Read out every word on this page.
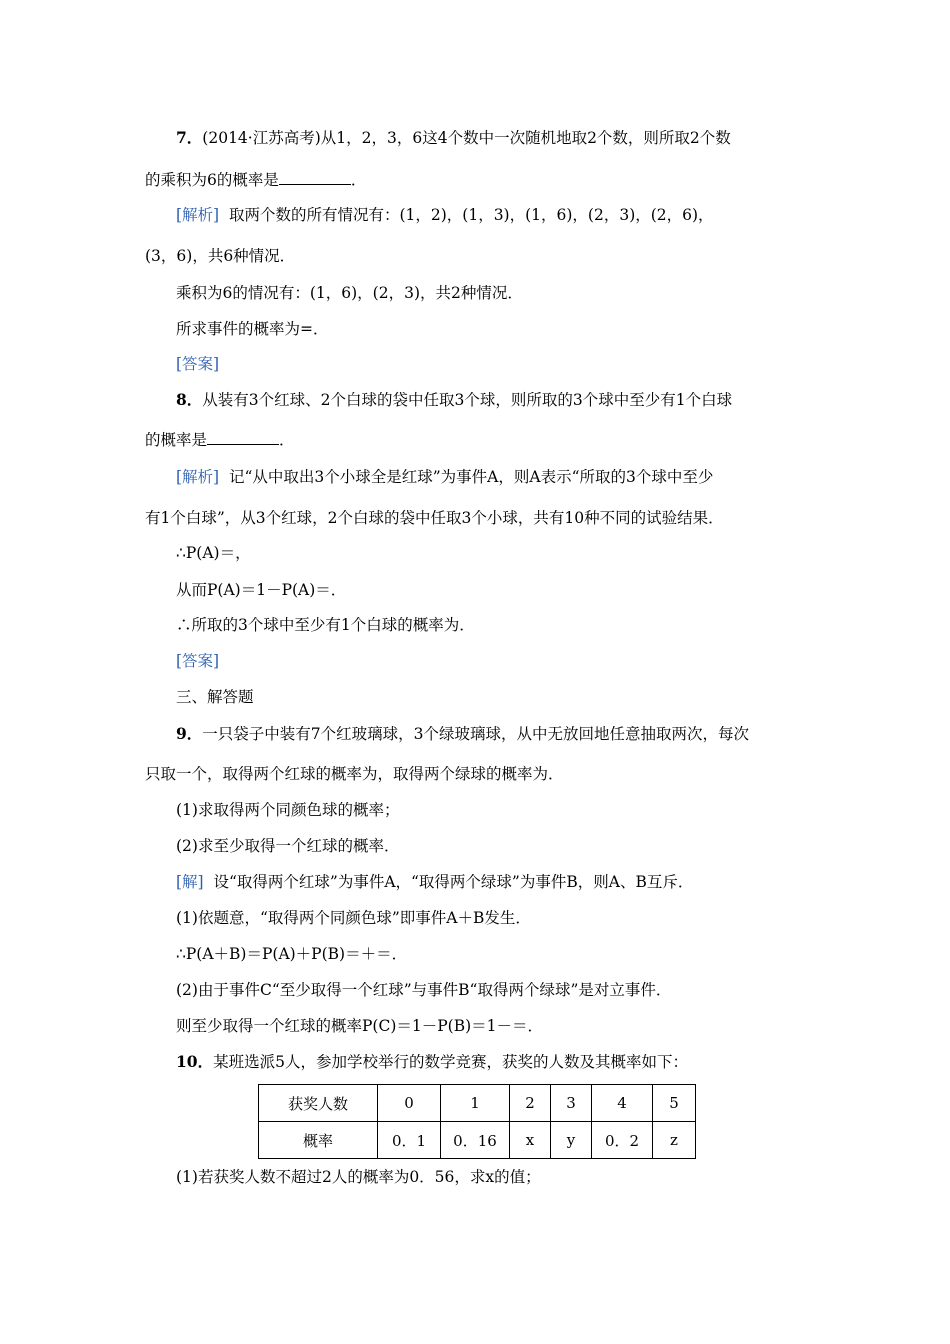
7．(2014·江苏高考)从1，2，3，6这4个数中一次随机地取2个数，则所取2个数
的乘积为6的概率是	．
[解析] 取两个数的所有情况有：(1，2)，(1，3)，(1，6)，(2，3)，(2，6)，
(3，6)，共6种情况．
乘积为6的情况有：(1，6)，(2，3)，共2种情况．
所求事件的概率为=．
[答案]
8．从装有3个红球、2个白球的袋中任取3个球，则所取的3个球中至少有1个白球
的概率是	．
[解析] 记“从中取出3个小球全是红球”为事件A，则A表示“所取的3个球中至少
有1个白球”，从3个红球，2个白球的袋中任取3个小球，共有10种不同的试验结果．
∴P(A)＝，
从而P(A)＝1－P(A)＝．
∴所取的3个球中至少有1个白球的概率为．
[答案]
三、解答题
9．一只袋子中装有7个红玻璃球，3个绿玻璃球，从中无放回地任意抽取两次，每次
只取一个，取得两个红球的概率为，取得两个绿球的概率为．
(1)求取得两个同颜色球的概率；
(2)求至少取得一个红球的概率．
[解] 设“取得两个红球”为事件A，“取得两个绿球”为事件B，则A、B互斥．
(1)依题意，“取得两个同颜色球”即事件A＋B发生．
∴P(A＋B)＝P(A)＋P(B)＝＋＝．
(2)由于事件C“至少取得一个红球”与事件B“取得两个绿球”是对立事件．
则至少取得一个红球的概率P(C)＝1－P(B)＝1－＝．
10．某班选派5人，参加学校举行的数学竞赛，获奖的人数及其概率如下：
获奖人数	0	1	2	3	4	5
概率	0．1	0．16	x	y	0．2	z
(1)若获奖人数不超过2人的概率为0．56，求x的值；
